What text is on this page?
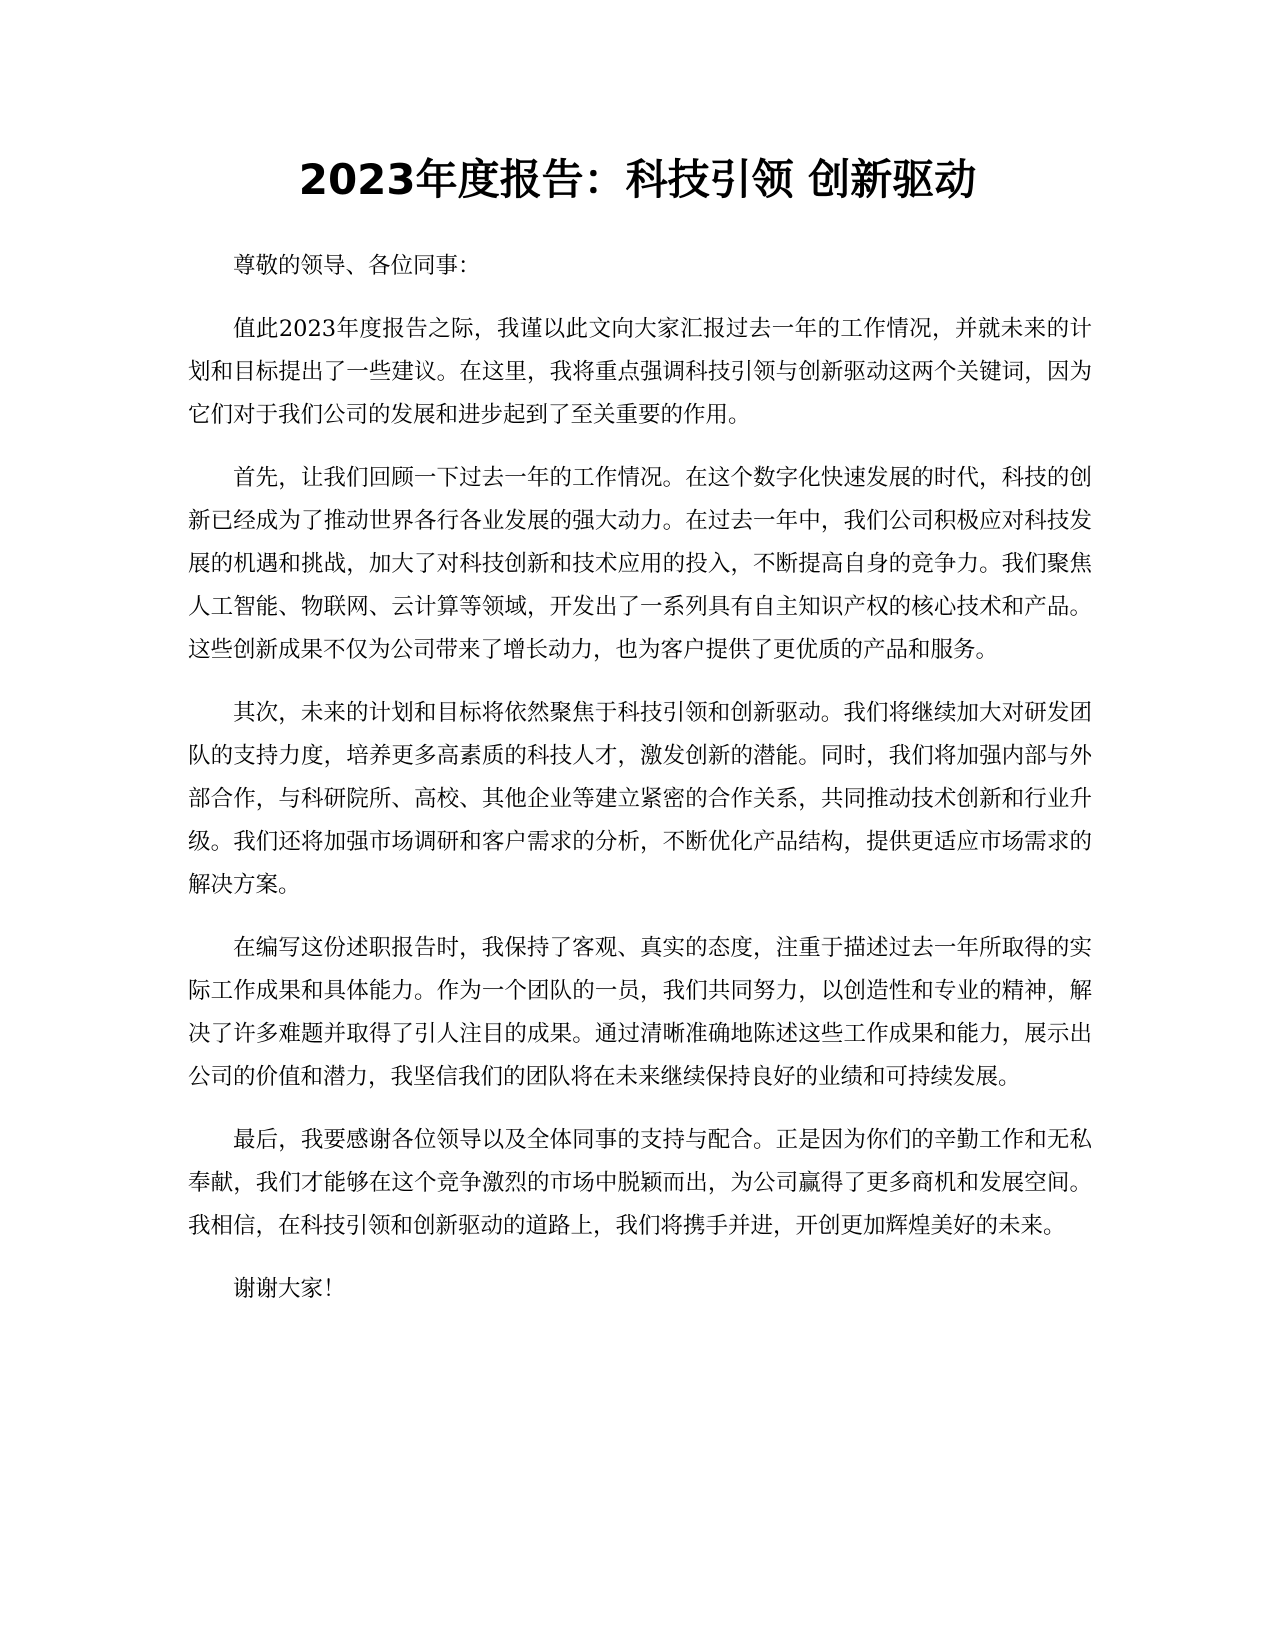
2023年度报告：科技引领 创新驱动

尊敬的领导、各位同事：

值此2023年度报告之际，我谨以此文向大家汇报过去一年的工作情况，并就未来的计划和目标提出了一些建议。在这里，我将重点强调科技引领与创新驱动这两个关键词，因为它们对于我们公司的发展和进步起到了至关重要的作用。

首先，让我们回顾一下过去一年的工作情况。在这个数字化快速发展的时代，科技的创新已经成为了推动世界各行各业发展的强大动力。在过去一年中，我们公司积极应对科技发展的机遇和挑战，加大了对科技创新和技术应用的投入，不断提高自身的竞争力。我们聚焦人工智能、物联网、云计算等领域，开发出了一系列具有自主知识产权的核心技术和产品。这些创新成果不仅为公司带来了增长动力，也为客户提供了更优质的产品和服务。

其次，未来的计划和目标将依然聚焦于科技引领和创新驱动。我们将继续加大对研发团队的支持力度，培养更多高素质的科技人才，激发创新的潜能。同时，我们将加强内部与外部合作，与科研院所、高校、其他企业等建立紧密的合作关系，共同推动技术创新和行业升级。我们还将加强市场调研和客户需求的分析，不断优化产品结构，提供更适应市场需求的解决方案。

在编写这份述职报告时，我保持了客观、真实的态度，注重于描述过去一年所取得的实际工作成果和具体能力。作为一个团队的一员，我们共同努力，以创造性和专业的精神，解决了许多难题并取得了引人注目的成果。通过清晰准确地陈述这些工作成果和能力，展示出公司的价值和潜力，我坚信我们的团队将在未来继续保持良好的业绩和可持续发展。

最后，我要感谢各位领导以及全体同事的支持与配合。正是因为你们的辛勤工作和无私奉献，我们才能够在这个竞争激烈的市场中脱颖而出，为公司赢得了更多商机和发展空间。我相信，在科技引领和创新驱动的道路上，我们将携手并进，开创更加辉煌美好的未来。

谢谢大家！
